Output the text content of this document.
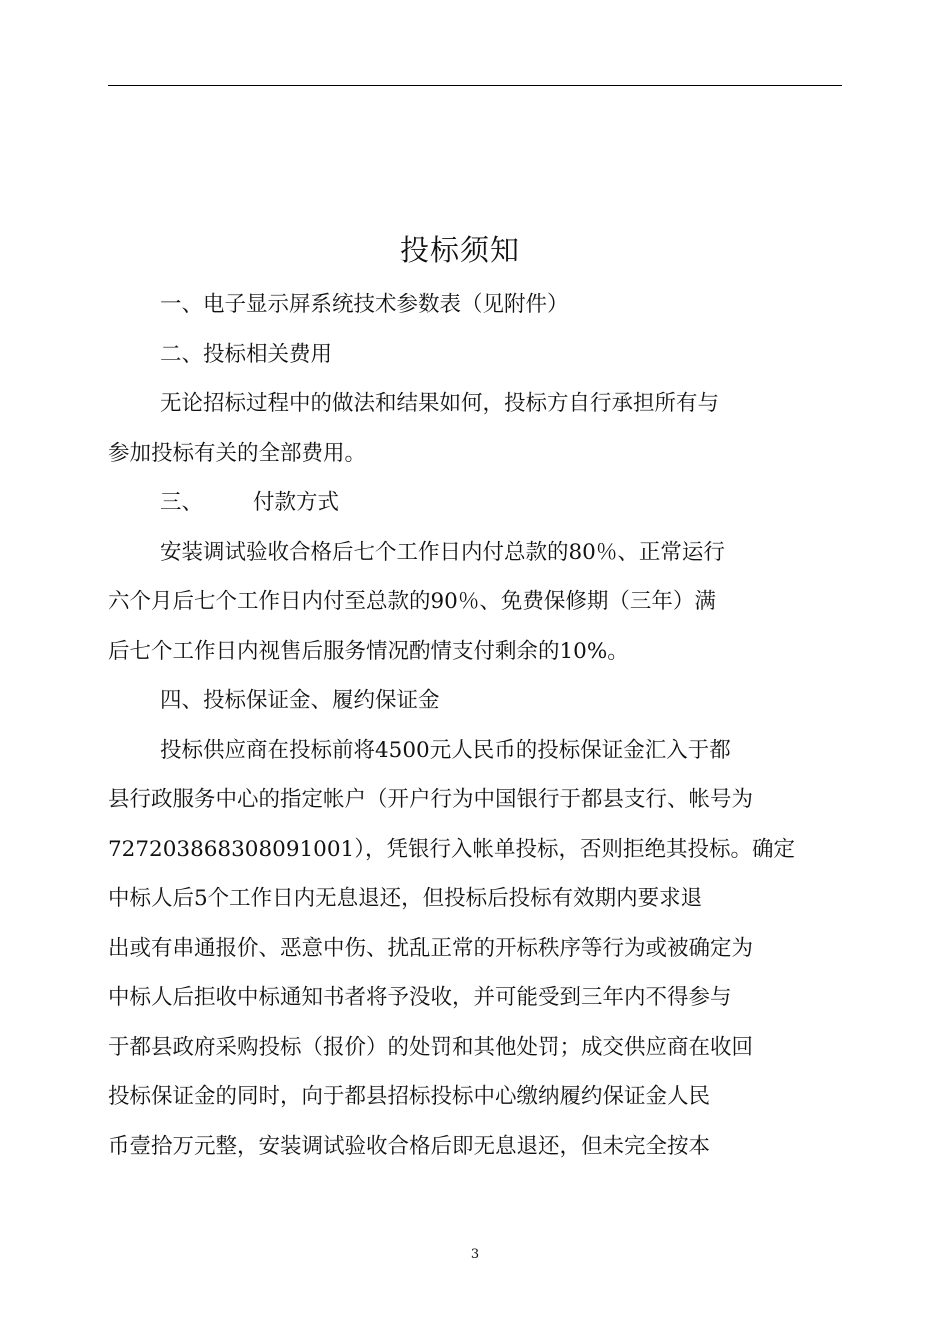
投标须知

一、电子显示屏系统技术参数表（见附件）

二、投标相关费用

无论招标过程中的做法和结果如何，投标方自行承担所有与
参加投标有关的全部费用。

三、 付款方式

安装调试验收合格后七个工作日内付总款的80％、正常运行
六个月后七个工作日内付至总款的90％、免费保修期（三年）满
后七个工作日内视售后服务情况酌情支付剩余的10%。

四、投标保证金、履约保证金

投标供应商在投标前将4500元人民币的投标保证金汇入于都
县行政服务中心的指定帐户（开户行为中国银行于都县支行、帐号为
727203868308091001），凭银行入帐单投标，否则拒绝其投标。确定
中标人后5个工作日内无息退还，但投标后投标有效期内要求退
出或有串通报价、恶意中伤、扰乱正常的开标秩序等行为或被确定为
中标人后拒收中标通知书者将予没收，并可能受到三年内不得参与
于都县政府采购投标（报价）的处罚和其他处罚；成交供应商在收回
投标保证金的同时，向于都县招标投标中心缴纳履约保证金人民
币壹拾万元整，安装调试验收合格后即无息退还，但未完全按本
3
